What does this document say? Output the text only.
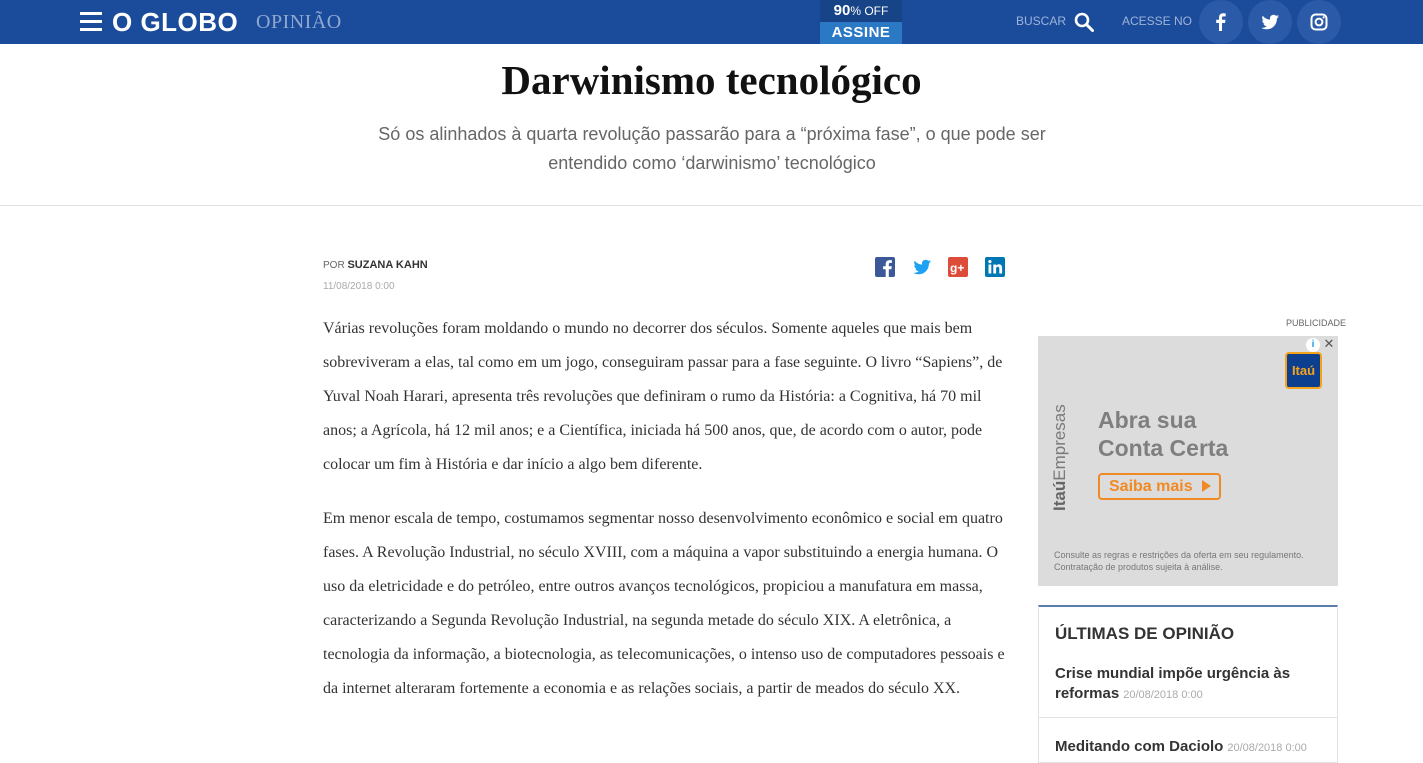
O GLOBO OPINIÃO
90% OFF
ASSINE
BUSCAR	ACESSE NO
Darwinismo tecnológico

Só os alinhados à quarta revolução passarão para a “próxima fase”, o que pode ser entendido como ‘darwinismo’ tecnológico

POR SUZANA KAHN
11/08/2018 0:00
g+

Várias revoluções foram moldando o mundo no decorrer dos séculos. Somente aqueles que mais bem sobreviveram a elas, tal como em um jogo, conseguiram passar para a fase seguinte. O livro “Sapiens”, de Yuval Noah Harari, apresenta três revoluções que definiram o rumo da História: a Cognitiva, há 70 mil anos; a Agrícola, há 12 mil anos; e a Científica, iniciada há 500 anos, que, de acordo com o autor, pode colocar um fim à História e dar início a algo bem diferente.

Em menor escala de tempo, costumamos segmentar nosso desenvolvimento econômico e social em quatro fases. A Revolução Industrial, no século XVIII, com a máquina a vapor substituindo a energia humana. O uso da eletricidade e do petróleo, entre outros avanços tecnológicos, propiciou a manufatura em massa, caracterizando a Segunda Revolução Industrial, na segunda metade do século XIX. A eletrônica, a tecnologia da informação, a biotecnologia, as telecomunicações, o intenso uso de computadores pessoais e da internet alteraram fortemente a economia e as relações sociais, a partir de meados do século XX.

PUBLICIDADE
ItaúEmpresas
i ✕
Itaú
Abra sua
Conta Certa
Saiba mais
Consulte as regras e restrições da oferta em seu regulamento. Contratação de produtos sujeita à análise.
ÚLTIMAS DE OPINIÃO
Crise mundial impõe urgência às reformas 20/08/2018 0:00
Meditando com Daciolo 20/08/2018 0:00
